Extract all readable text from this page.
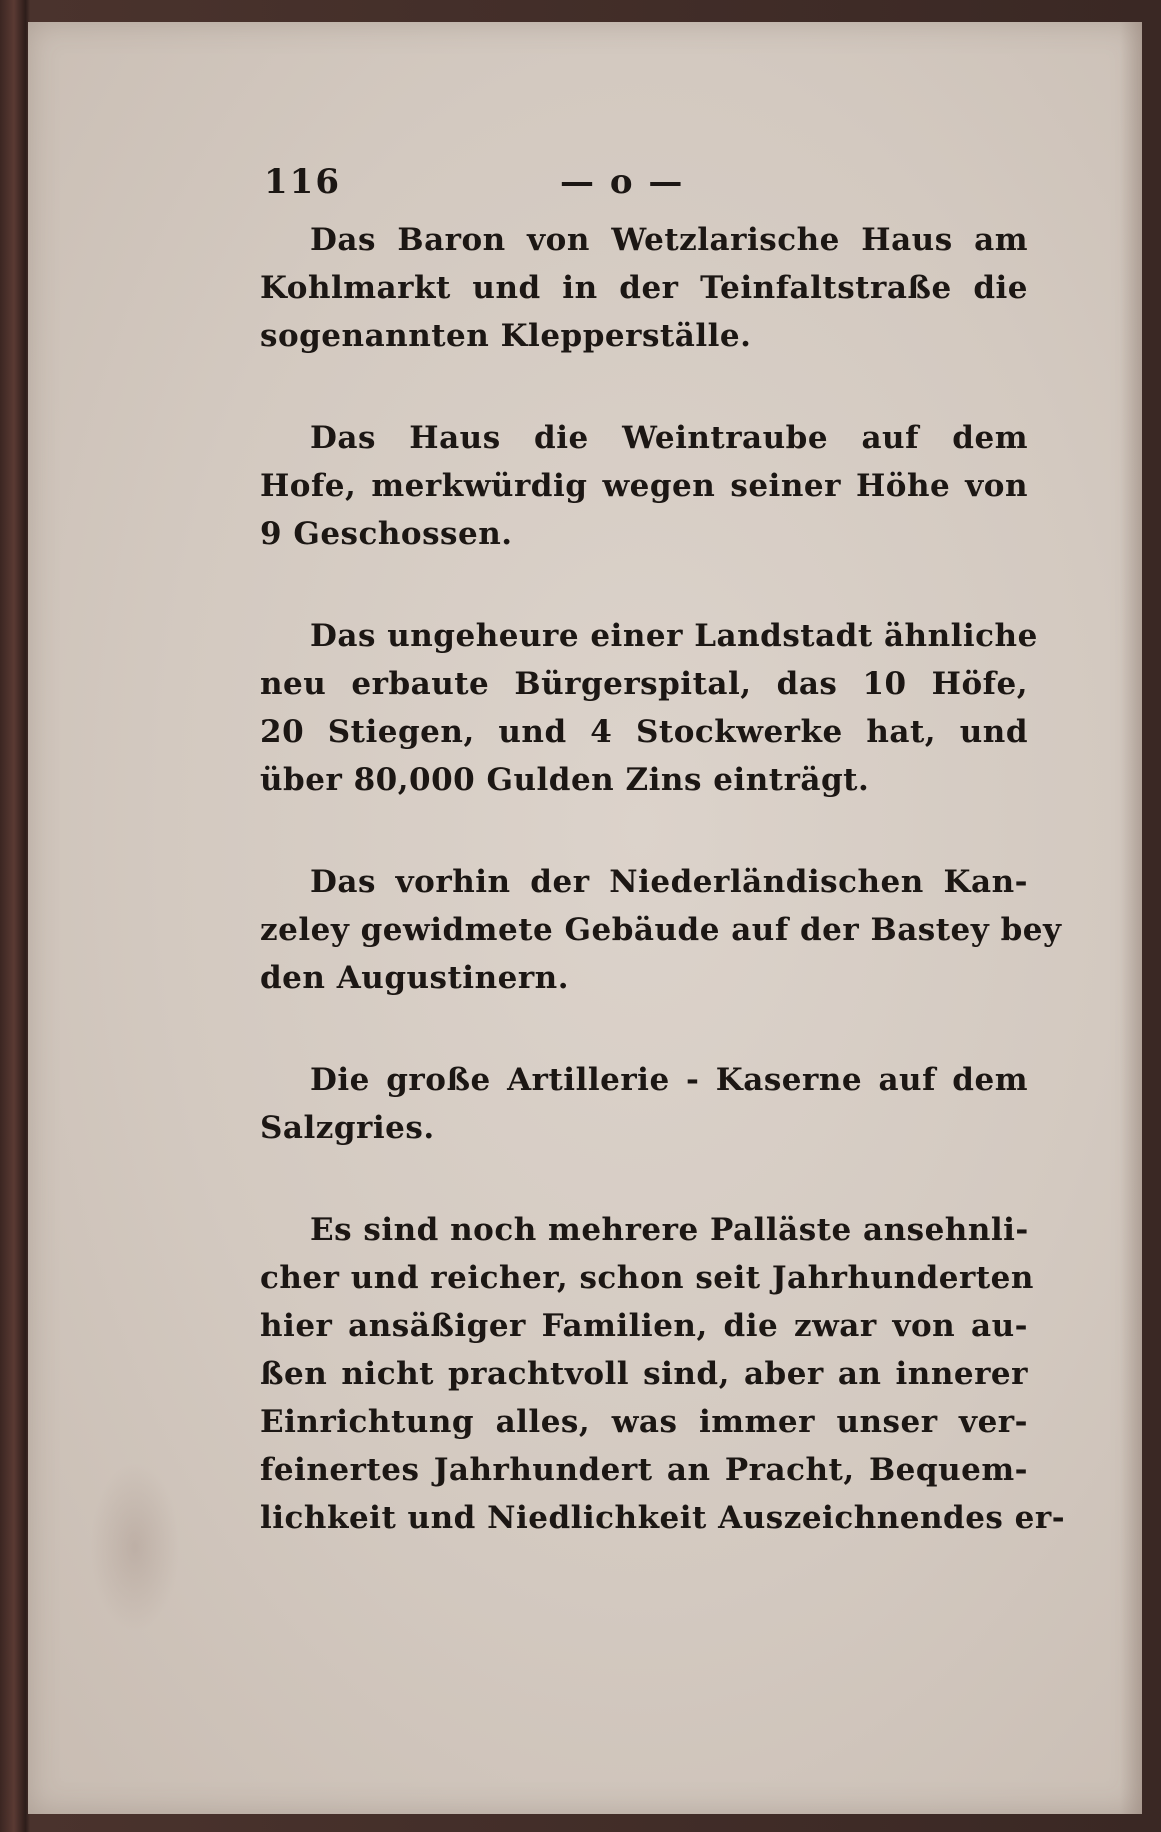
116	— o —
Das Baron von Wetzlarische Haus am
Kohlmarkt und in der Teinfaltstraße die
sogenannten Klepperställe.
Das Haus die Weintraube auf dem
Hofe, merkwürdig wegen seiner Höhe von
9 Geschossen.
Das ungeheure einer Landstadt ähnliche
neu erbaute Bürgerspital, das 10 Höfe,
20 Stiegen, und 4 Stockwerke hat, und
über 80,000 Gulden Zins einträgt.
Das vorhin der Niederländischen Kan-
zeley gewidmete Gebäude auf der Bastey bey
den Augustinern.
Die große Artillerie - Kaserne auf dem
Salzgries.
Es sind noch mehrere Palläste ansehnli-
cher und reicher, schon seit Jahrhunderten
hier ansäßiger Familien, die zwar von au-
ßen nicht prachtvoll sind, aber an innerer
Einrichtung alles, was immer unser ver-
feinertes Jahrhundert an Pracht, Bequem-
lichkeit und Niedlichkeit Auszeichnendes er-
